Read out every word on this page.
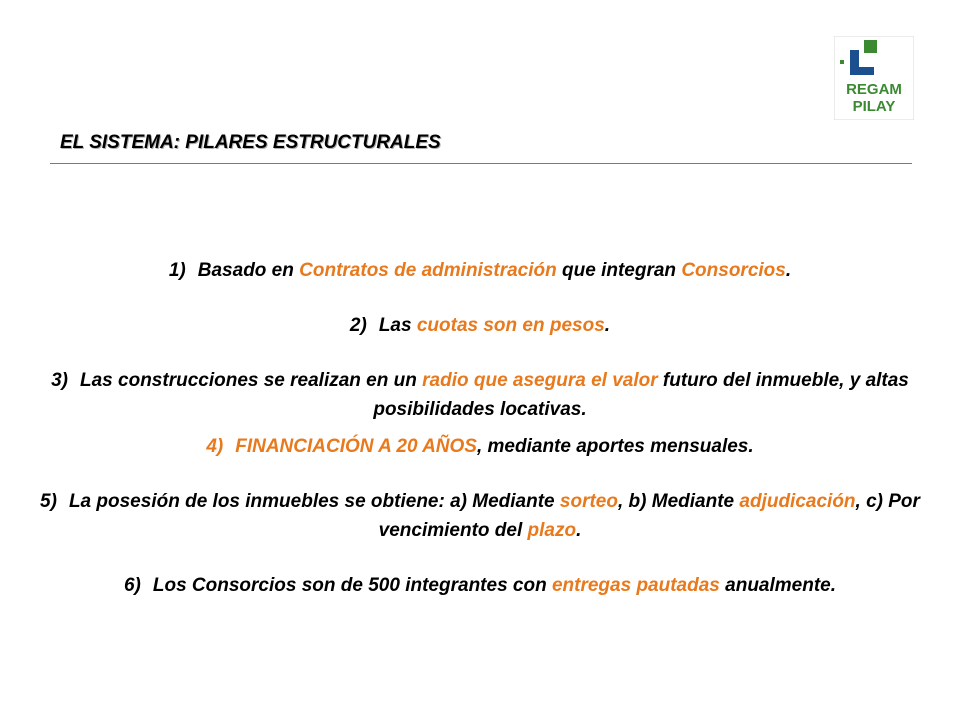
REGAM
PILAY
EL SISTEMA: PILARES ESTRUCTURALES
1) Basado en Contratos de administración que integran Consorcios.
2) Las cuotas son en pesos.
3) Las construcciones se realizan en un radio que asegura el valor futuro del inmueble, y altas posibilidades locativas.
4) FINANCIACIÓN A 20 AÑOS, mediante aportes mensuales.
5) La posesión de los inmuebles se obtiene: a) Mediante sorteo, b) Mediante adjudicación, c) Por vencimiento del plazo.
6) Los Consorcios son de 500 integrantes con entregas pautadas anualmente.
